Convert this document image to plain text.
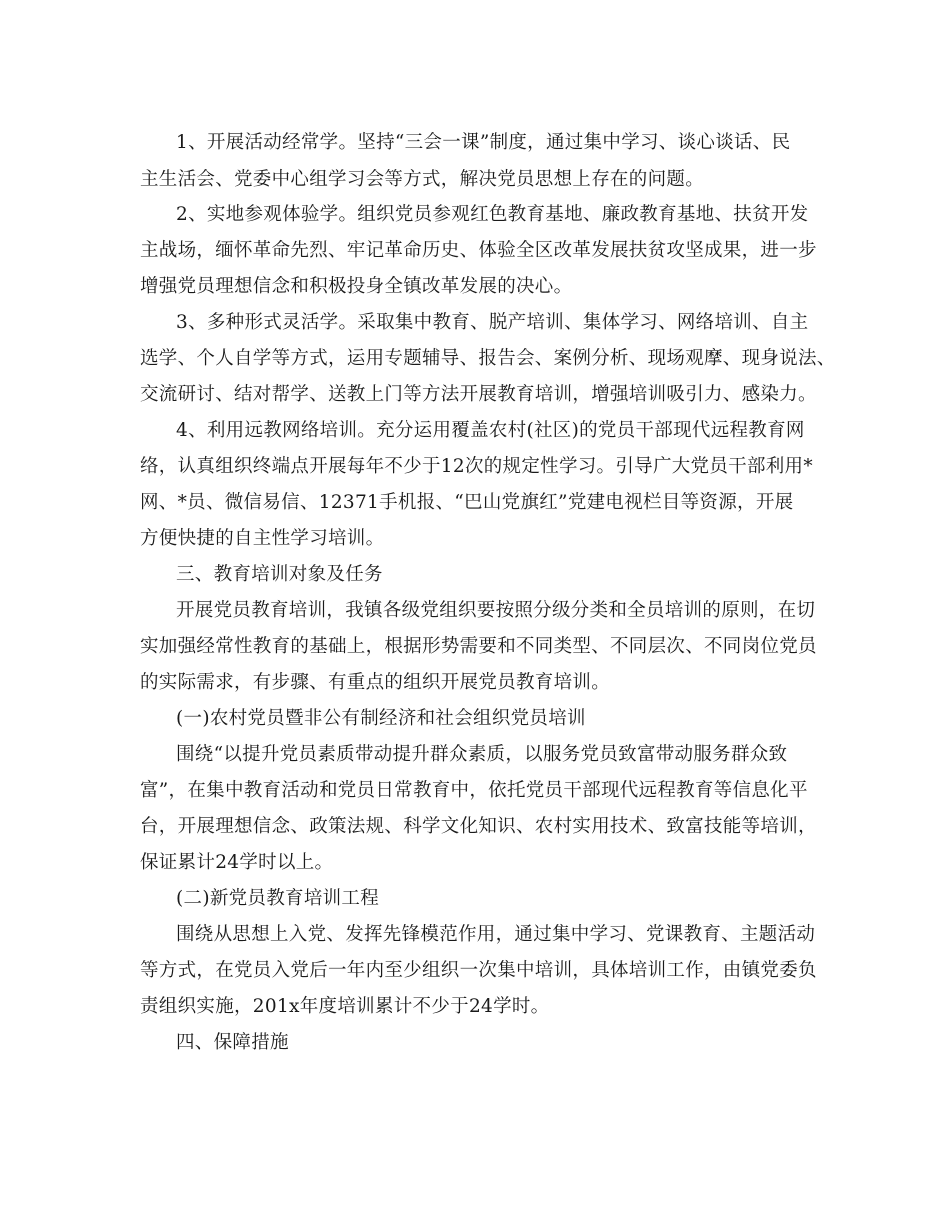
1、开展活动经常学。坚持“三会一课”制度，通过集中学习、谈心谈话、民

主生活会、党委中心组学习会等方式，解决党员思想上存在的问题。

2、实地参观体验学。组织党员参观红色教育基地、廉政教育基地、扶贫开发

主战场，缅怀革命先烈、牢记革命历史、体验全区改革发展扶贫攻坚成果，进一步

增强党员理想信念和积极投身全镇改革发展的决心。

3、多种形式灵活学。采取集中教育、脱产培训、集体学习、网络培训、自主

选学、个人自学等方式，运用专题辅导、报告会、案例分析、现场观摩、现身说法、

交流研讨、结对帮学、送教上门等方法开展教育培训，增强培训吸引力、感染力。

4、利用远教网络培训。充分运用覆盖农村(社区)的党员干部现代远程教育网

络，认真组织终端点开展每年不少于12次的规定性学习。引导广大党员干部利用*

网、*员、微信易信、12371手机报、“巴山党旗红”党建电视栏目等资源，开展

方便快捷的自主性学习培训。

三、教育培训对象及任务

开展党员教育培训，我镇各级党组织要按照分级分类和全员培训的原则，在切

实加强经常性教育的基础上，根据形势需要和不同类型、不同层次、不同岗位党员

的实际需求，有步骤、有重点的组织开展党员教育培训。

(一)农村党员暨非公有制经济和社会组织党员培训

围绕“以提升党员素质带动提升群众素质，以服务党员致富带动服务群众致

富”，在集中教育活动和党员日常教育中，依托党员干部现代远程教育等信息化平

台，开展理想信念、政策法规、科学文化知识、农村实用技术、致富技能等培训，

保证累计24学时以上。

(二)新党员教育培训工程

围绕从思想上入党、发挥先锋模范作用，通过集中学习、党课教育、主题活动

等方式，在党员入党后一年内至少组织一次集中培训，具体培训工作，由镇党委负

责组织实施，201x年度培训累计不少于24学时。

四、保障措施
